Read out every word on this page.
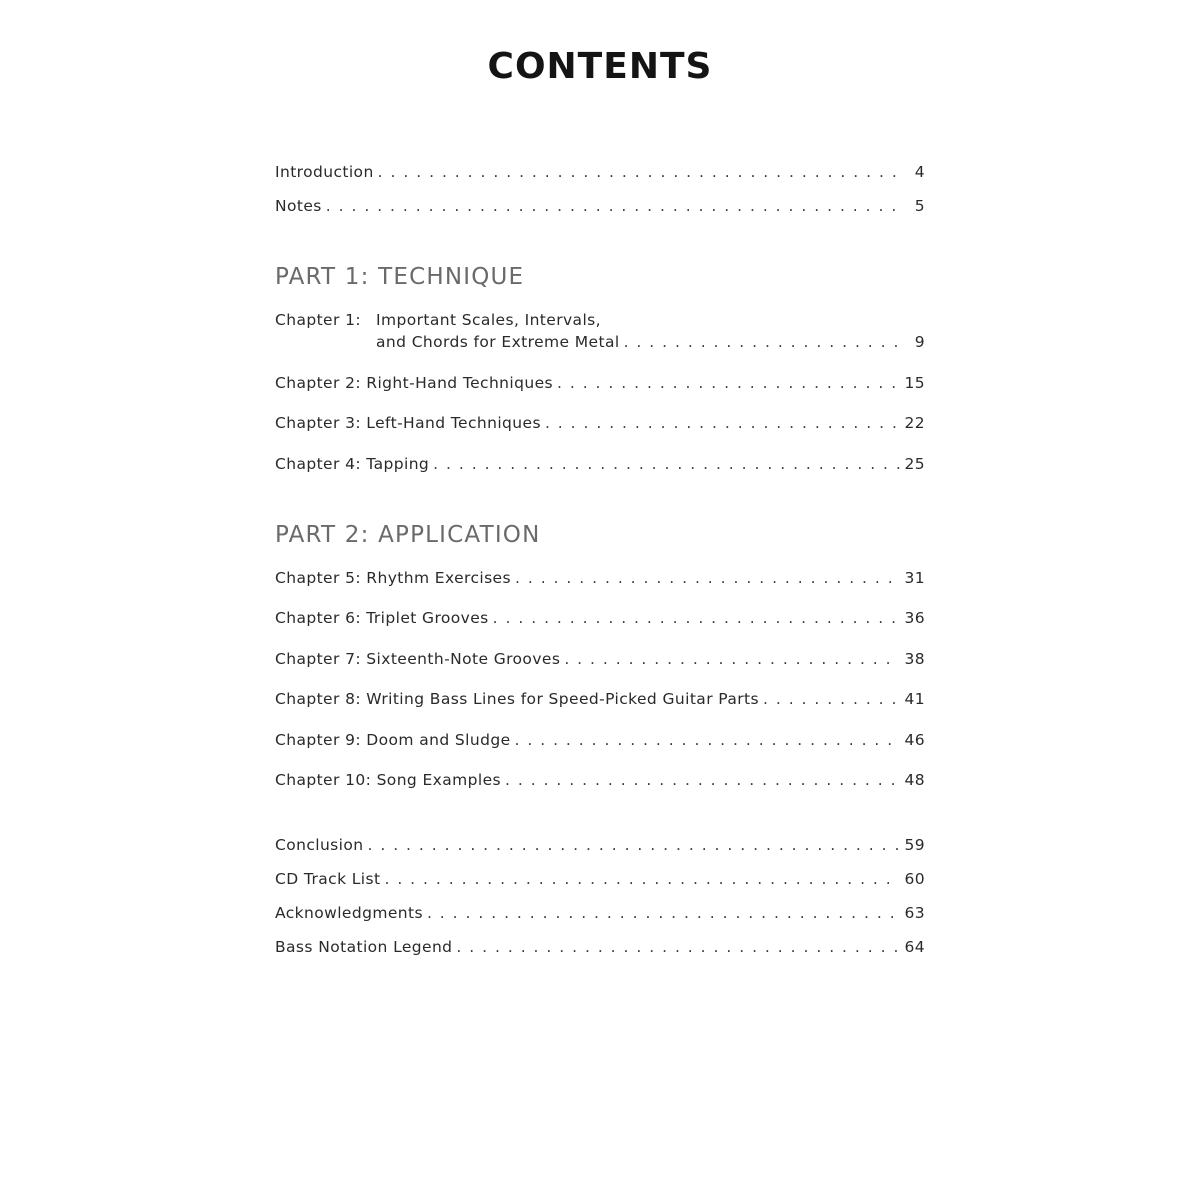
CONTENTS
Introduction . . .	4
Notes . . .	5
PART 1: TECHNIQUE
Chapter 1: Important Scales, Intervals,
and Chords for Extreme Metal . . .	9
Chapter 2: Right-Hand Techniques . . .	15
Chapter 3: Left-Hand Techniques . . .	22
Chapter 4: Tapping . . .	25
PART 2: APPLICATION
Chapter 5: Rhythm Exercises . . .	31
Chapter 6: Triplet Grooves . . .	36
Chapter 7: Sixteenth-Note Grooves . . .	38
Chapter 8: Writing Bass Lines for Speed-Picked Guitar Parts . . .	41
Chapter 9: Doom and Sludge . . .	46
Chapter 10: Song Examples . . .	48
Conclusion . . .	59
CD Track List . . .	60
Acknowledgments . . .	63
Bass Notation Legend . . .	64
